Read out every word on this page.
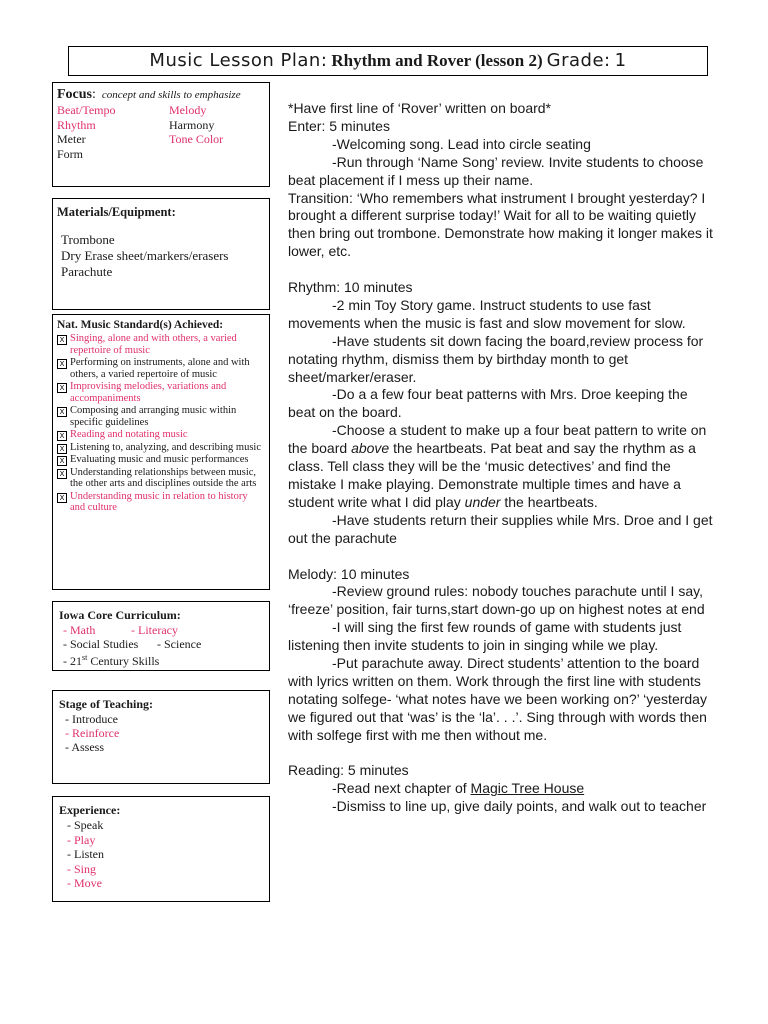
Music Lesson Plan: Rhythm and Rover (lesson 2) Grade: 1
Focus: concept and skills to emphasize
Beat/Tempo	Melody
Rhythm	Harmony
Meter	Tone Color
Form
Materials/Equipment:
Trombone
Dry Erase sheet/markers/erasers
Parachute
Nat. Music Standard(s) Achieved:
X Singing, alone and with others, a varied repertoire of music
X Performing on instruments, alone and with others, a varied repertoire of music
X Improvising melodies, variations and accompaniments
X Composing and arranging music within specific guidelines
X Reading and notating music
X Listening to, analyzing, and describing music
X Evaluating music and music performances
X Understanding relationships between music, the other arts and disciplines outside the arts
X Understanding music in relation to history and culture
Iowa Core Curriculum:
- Math	- Literacy
- Social Studies	- Science
- 21st Century Skills
Stage of Teaching:
- Introduce
- Reinforce
- Assess
Experience:
- Speak
- Play
- Listen
- Sing
- Move

*Have first line of ‘Rover’ written on board*

Enter: 5 minutes

-Welcoming song. Lead into circle seating

-Run through ‘Name Song’ review. Invite students to choose beat placement if I mess up their name.

Transition: ‘Who remembers what instrument I brought yesterday? I brought a different surprise today!’ Wait for all to be waiting quietly then bring out trombone. Demonstrate how making it longer makes it lower, etc.

Rhythm: 10 minutes

-2 min Toy Story game. Instruct students to use fast movements when the music is fast and slow movement for slow.

-Have students sit down facing the board,review process for notating rhythm, dismiss them by birthday month to get sheet/marker/eraser.

-Do a a few four beat patterns with Mrs. Droe keeping the beat on the board.

-Choose a student to make up a four beat pattern to write on the board above the heartbeats. Pat beat and say the rhythm as a class. Tell class they will be the ‘music detectives’ and find the mistake I make playing. Demonstrate multiple times and have a student write what I did play under the heartbeats.

-Have students return their supplies while Mrs. Droe and I get out the parachute

Melody: 10 minutes

-Review ground rules: nobody touches parachute until I say, ‘freeze’ position, fair turns,start down-go up on highest notes at end

-I will sing the first few rounds of game with students just listening then invite students to join in singing while we play.

-Put parachute away. Direct students’ attention to the board with lyrics written on them. Work through the first line with students notating solfege- ‘what notes have we been working on?’ ‘yesterday we figured out that ‘was’ is the ‘la’. . .’. Sing through with words then with solfege first with me then without me.

Reading: 5 minutes

-Read next chapter of Magic Tree House

-Dismiss to line up, give daily points, and walk out to teacher
